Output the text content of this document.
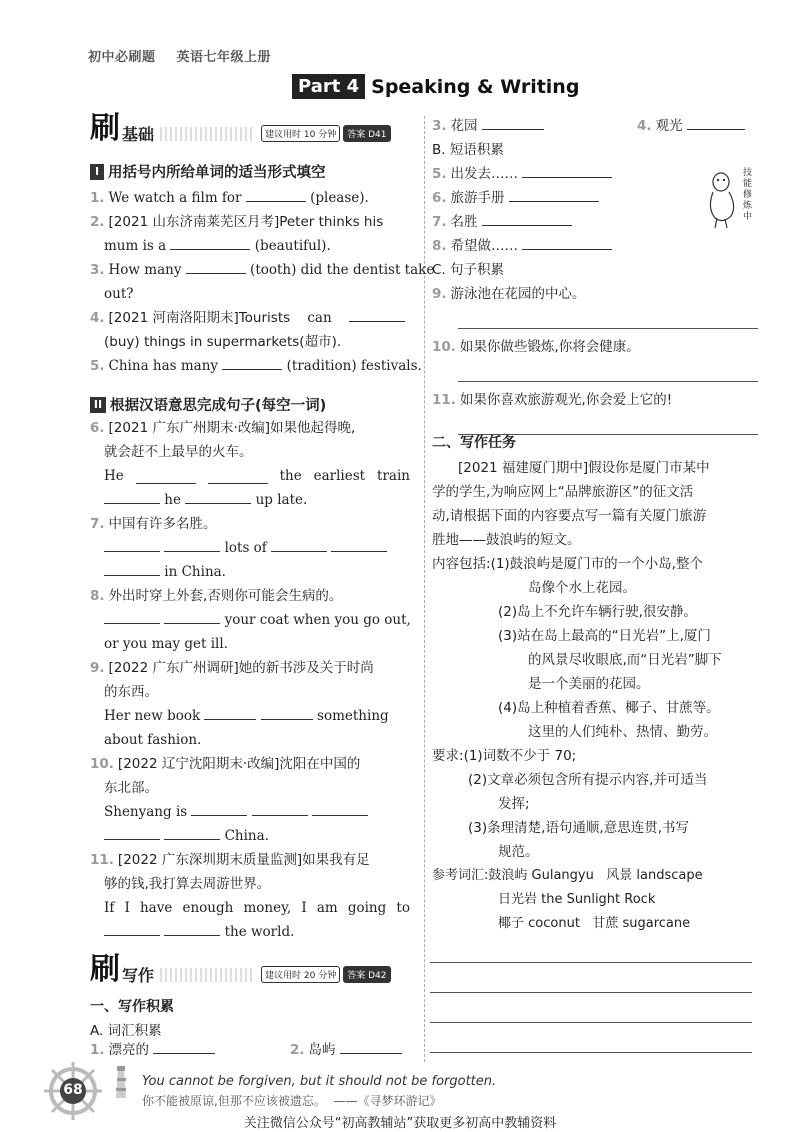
初中必刷题 英语七年级上册
Part 4 Speaking & Writing
刷 基础	建议用时 10 分钟	答案 D41
I 用括号内所给单词的适当形式填空
1. We watch a film for	(please).
2. [2021 山东济南莱芜区月考]Peter thinks his
mum is a	(beautiful).
3. How many	(tooth) did the dentist take
out?
4. [2021 河南洛阳期末]Tourists can
(buy) things in supermarkets(超市).
5. China has many	(tradition) festivals.
II 根据汉语意思完成句子(每空一词)
6. [2021 广东广州期末·改编]如果他起得晚,
就会赶不上最早的火车。
He	the earliest train
he	up late.
7. 中国有许多名胜。
lots of
in China.
8. 外出时穿上外套,否则你可能会生病的。
your coat when you go out,
or you may get ill.
9. [2022 广东广州调研]她的新书涉及关于时尚
的东西。
Her new book	something
about fashion.
10. [2022 辽宁沈阳期末·改编]沈阳在中国的
东北部。
Shenyang is
China.
11. [2022 广东深圳期末质量监测]如果我有足
够的钱,我打算去周游世界。
If I have enough money, I am going to
the world.
刷 写作	建议用时 20 分钟	答案 D42
一、写作积累
A. 词汇积累
1. 漂亮的	2. 岛屿
3. 花园	4. 观光
B. 短语积累
5. 出发去……
6. 旅游手册
7. 名胜
8. 希望做……
C. 句子积累
9. 游泳池在花园的中心。
10. 如果你做些锻炼,你将会健康。
11. 如果你喜欢旅游观光,你会爱上它的!
技能修炼中
二、写作任务
[2021 福建厦门期中]假设你是厦门市某中
学的学生,为响应网上“品牌旅游区”的征文活
动,请根据下面的内容要点写一篇有关厦门旅游
胜地——鼓浪屿的短文。
内容包括:(1)鼓浪屿是厦门市的一个小岛,整个
岛像个水上花园。
(2)岛上不允许车辆行驶,很安静。
(3)站在岛上最高的“日光岩”上,厦门
的风景尽收眼底,而“日光岩”脚下
是一个美丽的花园。
(4)岛上种植着香蕉、椰子、甘蔗等。
这里的人们纯朴、热情、勤劳。
要求:(1)词数不少于 70;
(2)文章必须包含所有提示内容,并可适当
发挥;
(3)条理清楚,语句通顺,意思连贯,书写
规范。
参考词汇:鼓浪屿 Gulangyu 风景 landscape
日光岩 the Sunlight Rock
椰子 coconut 甘蔗 sugarcane
68
You cannot be forgiven, but it should not be forgotten.
你不能被原谅,但那不应该被遗忘。 ——《寻梦环游记》
关注微信公众号“初高教辅站”获取更多初高中教辅资料
